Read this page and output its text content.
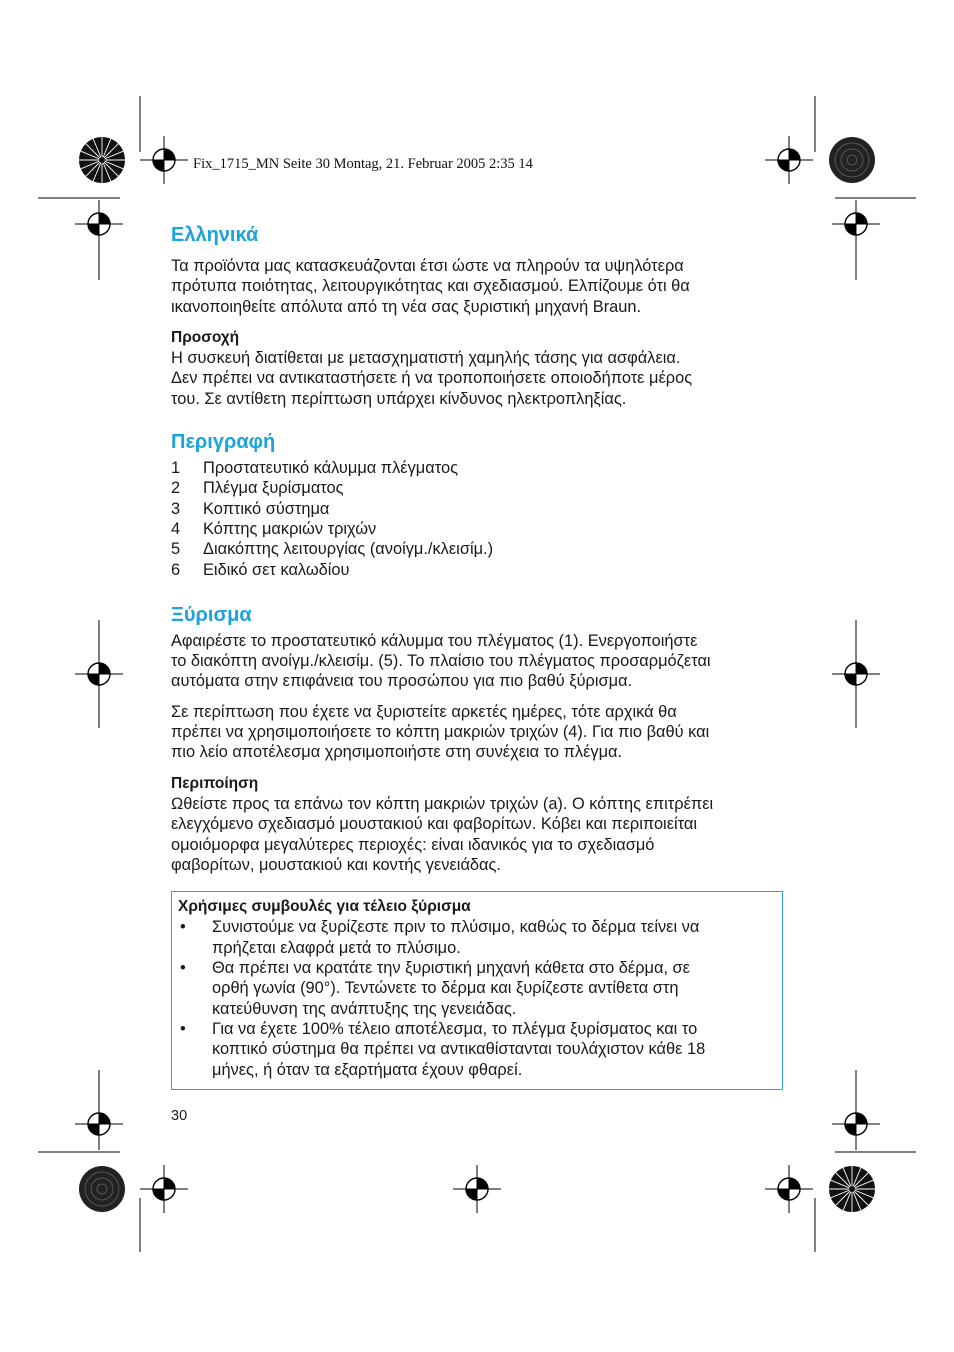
Fix_1715_MN Seite 30 Montag, 21. Februar 2005 2:35 14
Ελληνικά

Τα προϊόντα μας κατασκευάζονται έτσι ώστε να πληρούν τα υψηλότερα
πρότυπα ποιότητας, λειτουργικότητας και σχεδιασμού. Ελπίζουμε ότι θα
ικανοποιηθείτε απόλυτα από τη νέα σας ξυριστική μηχανή Braun.

Προσοχή

Η συσκευή διατίθεται με μετασχηματιστή χαμηλής τάσης για ασφάλεια.
Δεν πρέπει να αντικαταστήσετε ή να τροποποιήσετε οποιοδήποτε μέρος
του. Σε αντίθετη περίπτωση υπάρχει κίνδυνος ηλεκτροπληξίας.

Περιγραφή
1	Προστατευτικό κάλυμμα πλέγματος
2	Πλέγμα ξυρίσματος
3	Κοπτικό σύστημα
4	Κόπτης μακριών τριχών
5	Διακόπτης λειτουργίας (ανοίγμ./κλεισίμ.)
6	Ειδικό σετ καλωδίου
Ξύρισμα

Αφαιρέστε το προστατευτικό κάλυμμα του πλέγματος (1). Ενεργοποιήστε
το διακόπτη ανοίγμ./κλεισίμ. (5). Το πλαίσιο του πλέγματος προσαρμόζεται
αυτόματα στην επιφάνεια του προσώπου για πιο βαθύ ξύρισμα.

Σε περίπτωση που έχετε να ξυριστείτε αρκετές ημέρες, τότε αρχικά θα
πρέπει να χρησιμοποιήσετε το κόπτη μακριών τριχών (4). Για πιο βαθύ και
πιο λείο αποτέλεσμα χρησιμοποιήστε στη συνέχεια το πλέγμα.

Περιποίηση

Ωθείστε προς τα επάνω τον κόπτη μακριών τριχών (a). Ο κόπτης επιτρέπει
ελεγχόμενο σχεδιασμό μουστακιού και φαβορίτων. Κόβει και περιποιείται
ομοιόμορφα μεγαλύτερες περιοχές: είναι ιδανικός για το σχεδιασμό
φαβορίτων, μουστακιού και κοντής γενειάδας.

Χρήσιμες συμβουλές για τέλειο ξύρισμα
•	Συνιστούμε να ξυρίζεστε πριν το πλύσιμο, καθώς το δέρμα τείνει να
πρήζεται ελαφρά μετά το πλύσιμο.
•	Θα πρέπει να κρατάτε την ξυριστική μηχανή κάθετα στο δέρμα, σε
ορθή γωνία (90°). Τεντώνετε το δέρμα και ξυρίζεστε αντίθετα στη
κατεύθυνση της ανάπτυξης της γενειάδας.
•	Για να έχετε 100% τέλειο αποτέλεσμα, το πλέγμα ξυρίσματος και το
κοπτικό σύστημα θα πρέπει να αντικαθίστανται τουλάχιστον κάθε 18
μήνες, ή όταν τα εξαρτήματα έχουν φθαρεί.
30
